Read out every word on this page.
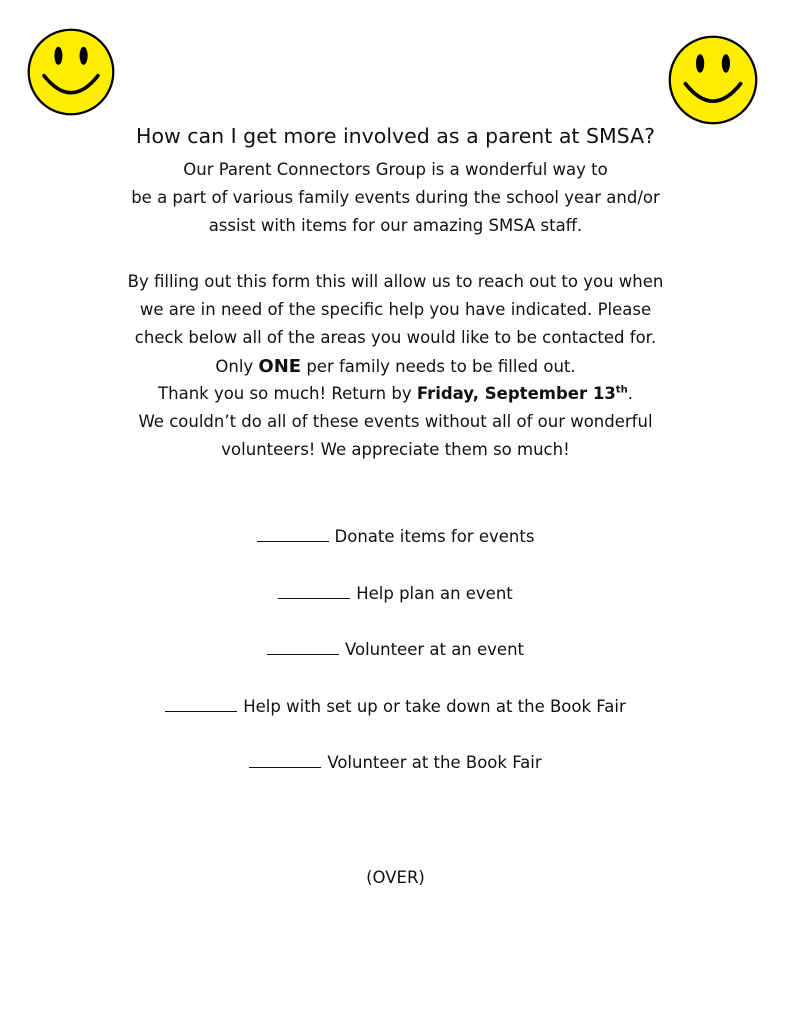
How can I get more involved as a parent at SMSA?
Our Parent Connectors Group is a wonderful way to
be a part of various family events during the school year and/or
assist with items for our amazing SMSA staff.
By filling out this form this will allow us to reach out to you when
we are in need of the specific help you have indicated. Please
check below all of the areas you would like to be contacted for.
Only ONE per family needs to be filled out.
Thank you so much! Return by Friday, September 13th.
We couldn’t do all of these events without all of our wonderful
volunteers! We appreciate them so much!
Donate items for events
Help plan an event
Volunteer at an event
Help with set up or take down at the Book Fair
Volunteer at the Book Fair
(OVER)
